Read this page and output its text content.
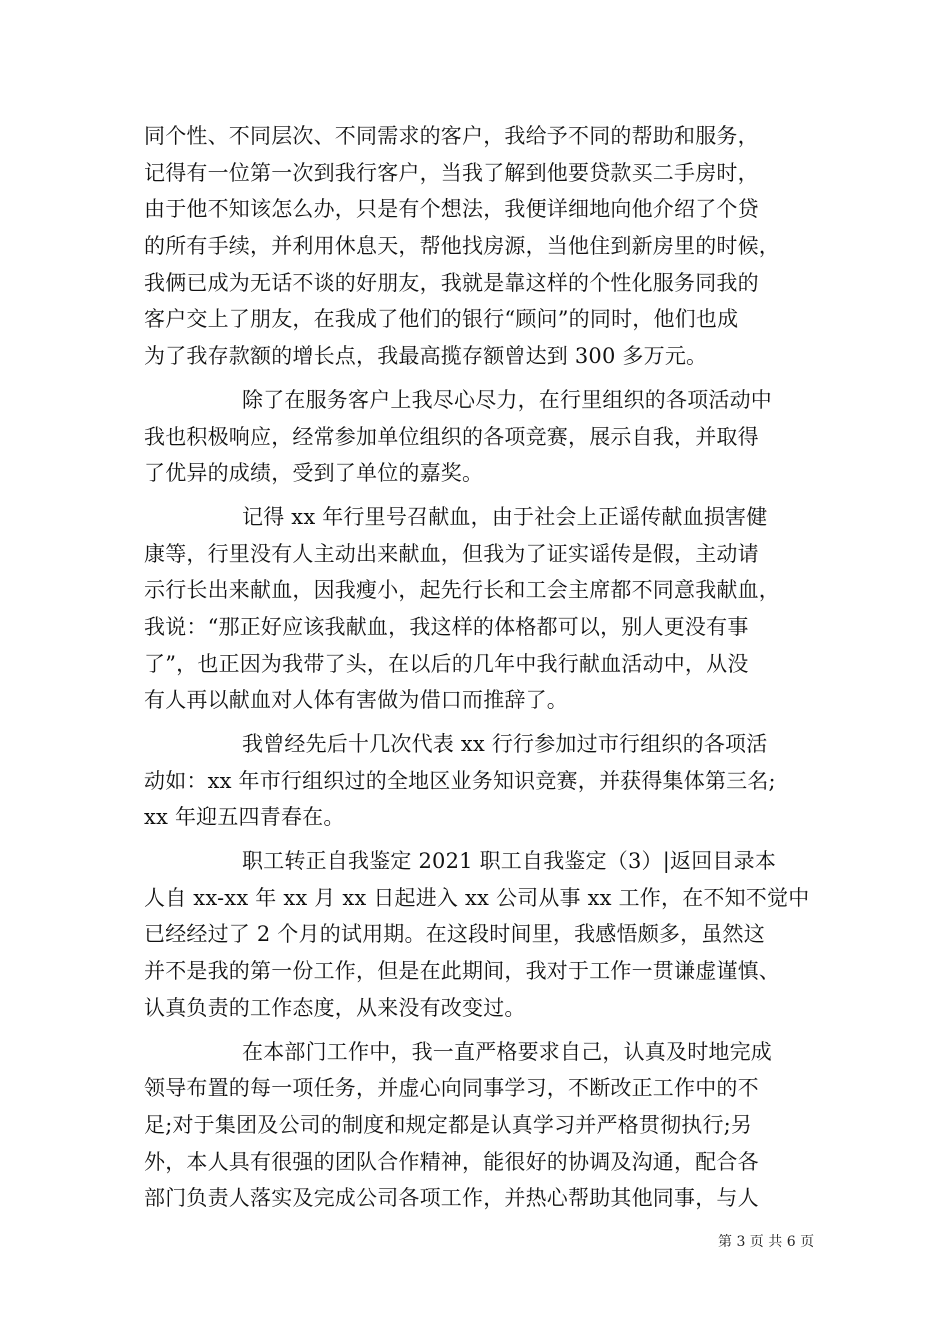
同个性、不同层次、不同需求的客户，我给予不同的帮助和服务，
记得有一位第一次到我行客户，当我了解到他要贷款买二手房时，
由于他不知该怎么办，只是有个想法，我便详细地向他介绍了个贷
的所有手续，并利用休息天，帮他找房源，当他住到新房里的时候，
我俩已成为无话不谈的好朋友，我就是靠这样的个性化服务同我的
客户交上了朋友，在我成了他们的银行“顾问”的同时，他们也成
为了我存款额的增长点，我最高揽存额曾达到 300 多万元。
除了在服务客户上我尽心尽力，在行里组织的各项活动中
我也积极响应，经常参加单位组织的各项竞赛，展示自我，并取得
了优异的成绩，受到了单位的嘉奖。
记得 xx 年行里号召献血，由于社会上正谣传献血损害健
康等，行里没有人主动出来献血，但我为了证实谣传是假，主动请
示行长出来献血，因我瘦小，起先行长和工会主席都不同意我献血，
我说：“那正好应该我献血，我这样的体格都可以，别人更没有事
了”，也正因为我带了头，在以后的几年中我行献血活动中，从没
有人再以献血对人体有害做为借口而推辞了。
我曾经先后十几次代表 xx 行行参加过市行组织的各项活
动如：xx 年市行组织过的全地区业务知识竞赛，并获得集体第三名;
xx 年迎五四青春在。
职工转正自我鉴定 2021 职工自我鉴定（3）|返回目录本
人自 xx-xx 年 xx 月 xx 日起进入 xx 公司从事 xx 工作，在不知不觉中
已经经过了 2 个月的试用期。在这段时间里，我感悟颇多，虽然这
并不是我的第一份工作，但是在此期间，我对于工作一贯谦虚谨慎、
认真负责的工作态度，从来没有改变过。
在本部门工作中，我一直严格要求自己，认真及时地完成
领导布置的每一项任务，并虚心向同事学习，不断改正工作中的不
足;对于集团及公司的制度和规定都是认真学习并严格贯彻执行;另
外，本人具有很强的团队合作精神，能很好的协调及沟通，配合各
部门负责人落实及完成公司各项工作，并热心帮助其他同事，与人
第 3 页 共 6 页
